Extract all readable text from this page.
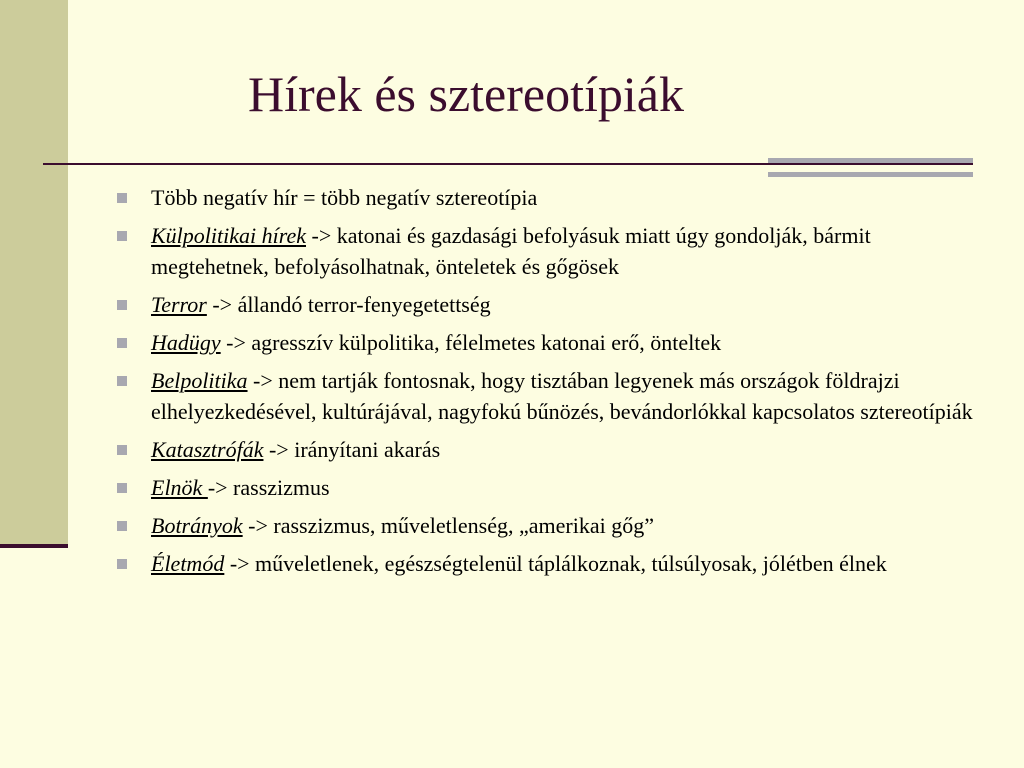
Hírek és sztereotípiák
Több negatív hír = több negatív sztereotípia
Külpolitikai hírek -> katonai és gazdasági befolyásuk miatt úgy gondolják, bármit megtehetnek, befolyásolhatnak, önteletek és gőgösek
Terror -> állandó terror-fenyegetettség
Hadügy -> agresszív külpolitika, félelmetes katonai erő, önteltek
Belpolitika -> nem tartják fontosnak, hogy tisztában legyenek más országok földrajzi elhelyezkedésével, kultúrájával, nagyfokú bűnözés, bevándorlókkal kapcsolatos sztereotípiák
Katasztrófák -> irányítani akarás
Elnök -> rasszizmus
Botrányok -> rasszizmus, műveletlenség, „amerikai gőg”
Életmód -> műveletlenek, egészségtelenül táplálkoznak, túlsúlyosak, jólétben élnek
